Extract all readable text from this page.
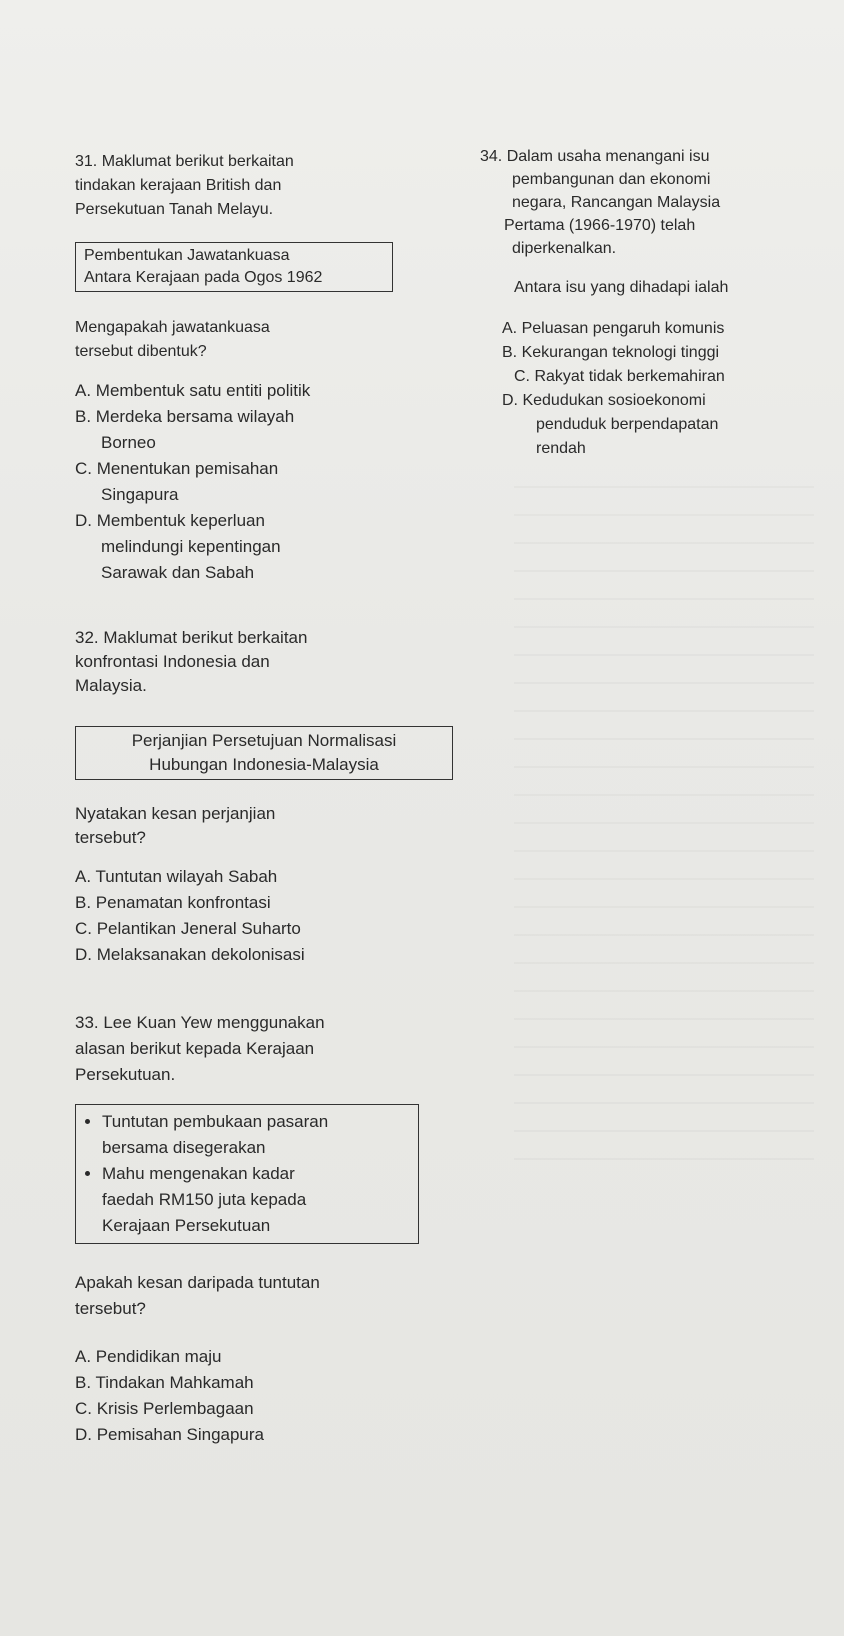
31. Maklumat berikut berkaitan
tindakan kerajaan British dan
Persekutuan Tanah Melayu.

Pembentukan Jawatankuasa
Antara Kerajaan pada Ogos 1962

Mengapakah jawatankuasa
tersebut dibentuk?

A. Membentuk satu entiti politik
B. Merdeka bersama wilayah
Borneo
C. Menentukan pemisahan
Singapura
D. Membentuk keperluan
melindungi kepentingan
Sarawak dan Sabah

32. Maklumat berikut berkaitan
konfrontasi Indonesia dan
Malaysia.

Perjanjian Persetujuan Normalisasi
Hubungan Indonesia-Malaysia

Nyatakan kesan perjanjian
tersebut?

A. Tuntutan wilayah Sabah
B. Penamatan konfrontasi
C. Pelantikan Jeneral Suharto
D. Melaksanakan dekolonisasi

33. Lee Kuan Yew menggunakan
alasan berikut kepada Kerajaan
Persekutuan.

• Tuntutan pembukaan pasaran
bersama disegerakan
• Mahu mengenakan kadar
faedah RM150 juta kepada
Kerajaan Persekutuan

Apakah kesan daripada tuntutan
tersebut?

A. Pendidikan maju
B. Tindakan Mahkamah
C. Krisis Perlembagaan
D. Pemisahan Singapura

34. Dalam usaha menangani isu
pembangunan dan ekonomi
negara, Rancangan Malaysia
Pertama (1966-1970) telah
diperkenalkan.

Antara isu yang dihadapi ialah

A. Peluasan pengaruh komunis
B. Kekurangan teknologi tinggi
C. Rakyat tidak berkemahiran
D. Kedudukan sosioekonomi
penduduk berpendapatan
rendah
